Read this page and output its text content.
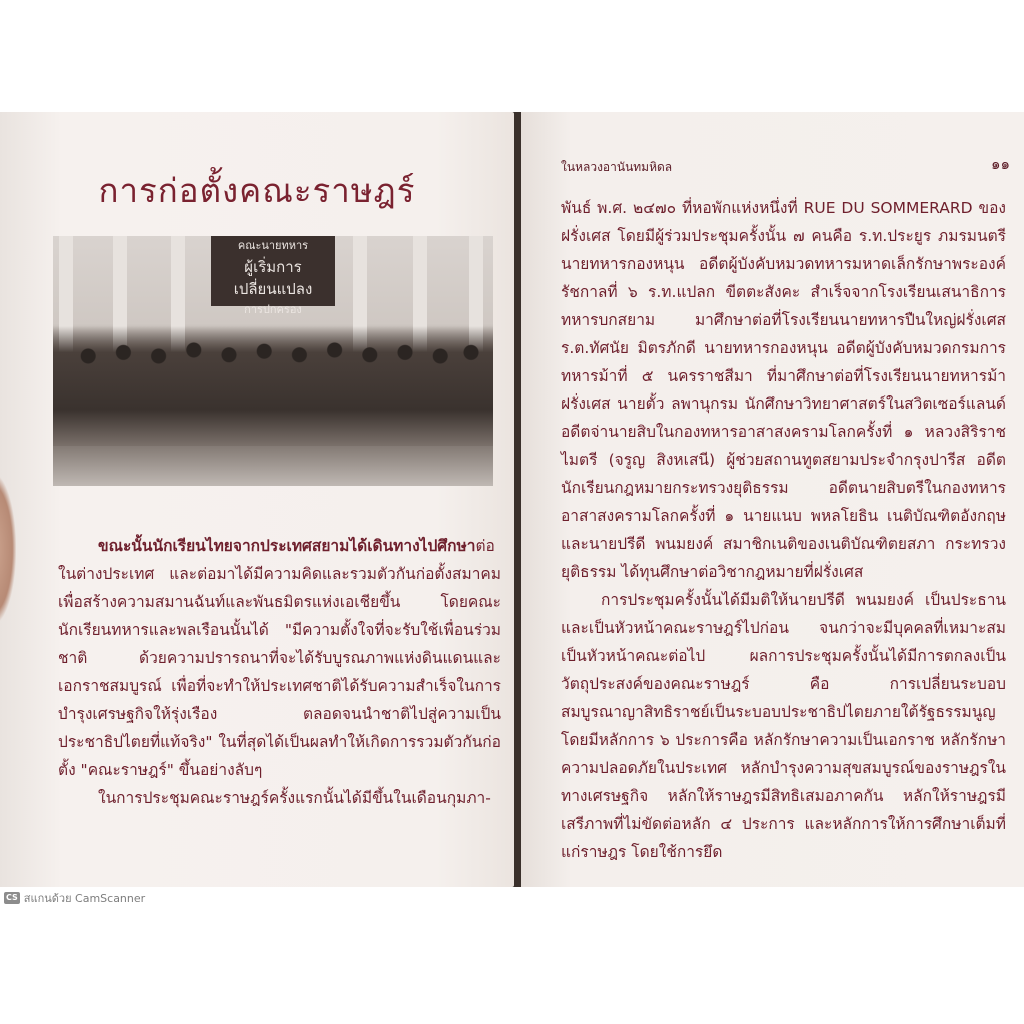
การก่อตั้งคณะราษฎร์
คณะนายทหาร
ผู้เริ่มการเปลี่ยนแปลง
การปกครอง

ขณะนั้นนักเรียนไทยจากประเทศสยามได้เดินทางไปศึกษาต่อในต่างประเทศ และต่อมาได้มีความคิดและรวมตัวกันก่อตั้งสมาคมเพื่อสร้างความสมานฉันท์และพันธมิตรแห่งเอเชียขึ้น โดยคณะนักเรียนทหารและพลเรือนนั้นได้ "มีความตั้งใจที่จะรับใช้เพื่อนร่วมชาติ ด้วยความปรารถนาที่จะได้รับบูรณภาพแห่งดินแดนและเอกราชสมบูรณ์ เพื่อที่จะทำให้ประเทศชาติได้รับความสำเร็จในการบำรุงเศรษฐกิจให้รุ่งเรือง ตลอดจนนำชาติไปสู่ความเป็นประชาธิปไตยที่แท้จริง" ในที่สุดได้เป็นผลทำให้เกิดการรวมตัวกันก่อตั้ง "คณะราษฎร์" ขึ้นอย่างลับๆ

ในการประชุมคณะราษฎร์ครั้งแรกนั้นได้มีขึ้นในเดือนกุมภา-

ในหลวงอานันทมหิดล	๑๑

พันธ์ พ.ศ. ๒๔๗๐ ที่หอพักแห่งหนึ่งที่ RUE DU SOMMERARD ของฝรั่งเศส โดยมีผู้ร่วมประชุมครั้งนั้น ๗ คนคือ ร.ท.ประยูร ภมรมนตรี นายทหารกองหนุน อดีตผู้บังคับหมวดทหารมหาดเล็กรักษาพระองค์รัชกาลที่ ๖ ร.ท.แปลก ขีตตะสังคะ สำเร็จจากโรงเรียนเสนาธิการทหารบกสยาม มาศึกษาต่อที่โรงเรียนนายทหารปืนใหญ่ฝรั่งเศส ร.ต.ทัศนัย มิตรภักดี นายทหารกองหนุน อดีตผู้บังคับหมวดกรมการทหารม้าที่ ๕ นครราชสีมา ที่มาศึกษาต่อที่โรงเรียนนายทหารม้าฝรั่งเศส นายตั้ว ลพานุกรม นักศึกษาวิทยาศาสตร์ในสวิตเซอร์แลนด์ อดีตจ่านายสิบในกองทหารอาสาสงครามโลกครั้งที่ ๑ หลวงสิริราชไมตรี (จรูญ สิงหเสนี) ผู้ช่วยสถานทูตสยามประจำกรุงปารีส อดีตนักเรียนกฎหมายกระทรวงยุติธรรม อดีตนายสิบตรีในกองทหารอาสาสงครามโลกครั้งที่ ๑ นายแนบ พหลโยธิน เนติบัณฑิตอังกฤษ และนายปรีดี พนมยงค์ สมาชิกเนติของเนติบัณฑิตยสภา กระทรวงยุติธรรม ได้ทุนศึกษาต่อวิชากฎหมายที่ฝรั่งเศส

การประชุมครั้งนั้นได้มีมติให้นายปรีดี พนมยงค์ เป็นประธานและเป็นหัวหน้าคณะราษฎร์ไปก่อน จนกว่าจะมีบุคคลที่เหมาะสมเป็นหัวหน้าคณะต่อไป ผลการประชุมครั้งนั้นได้มีการตกลงเป็นวัตถุประสงค์ของคณะราษฎร์ คือ การเปลี่ยนระบอบสมบูรณาญาสิทธิราชย์เป็นระบอบประชาธิปไตยภายใต้รัฐธรรมนูญ โดยมีหลักการ ๖ ประการคือ หลักรักษาความเป็นเอกราช หลักรักษาความปลอดภัยในประเทศ หลักบำรุงความสุขสมบูรณ์ของราษฎรในทางเศรษฐกิจ หลักให้ราษฎรมีสิทธิเสมอภาคกัน หลักให้ราษฎรมีเสรีภาพที่ไม่ขัดต่อหลัก ๔ ประการ และหลักการให้การศึกษาเต็มที่แก่ราษฎร โดยใช้การยึด

CS สแกนด้วย CamScanner
